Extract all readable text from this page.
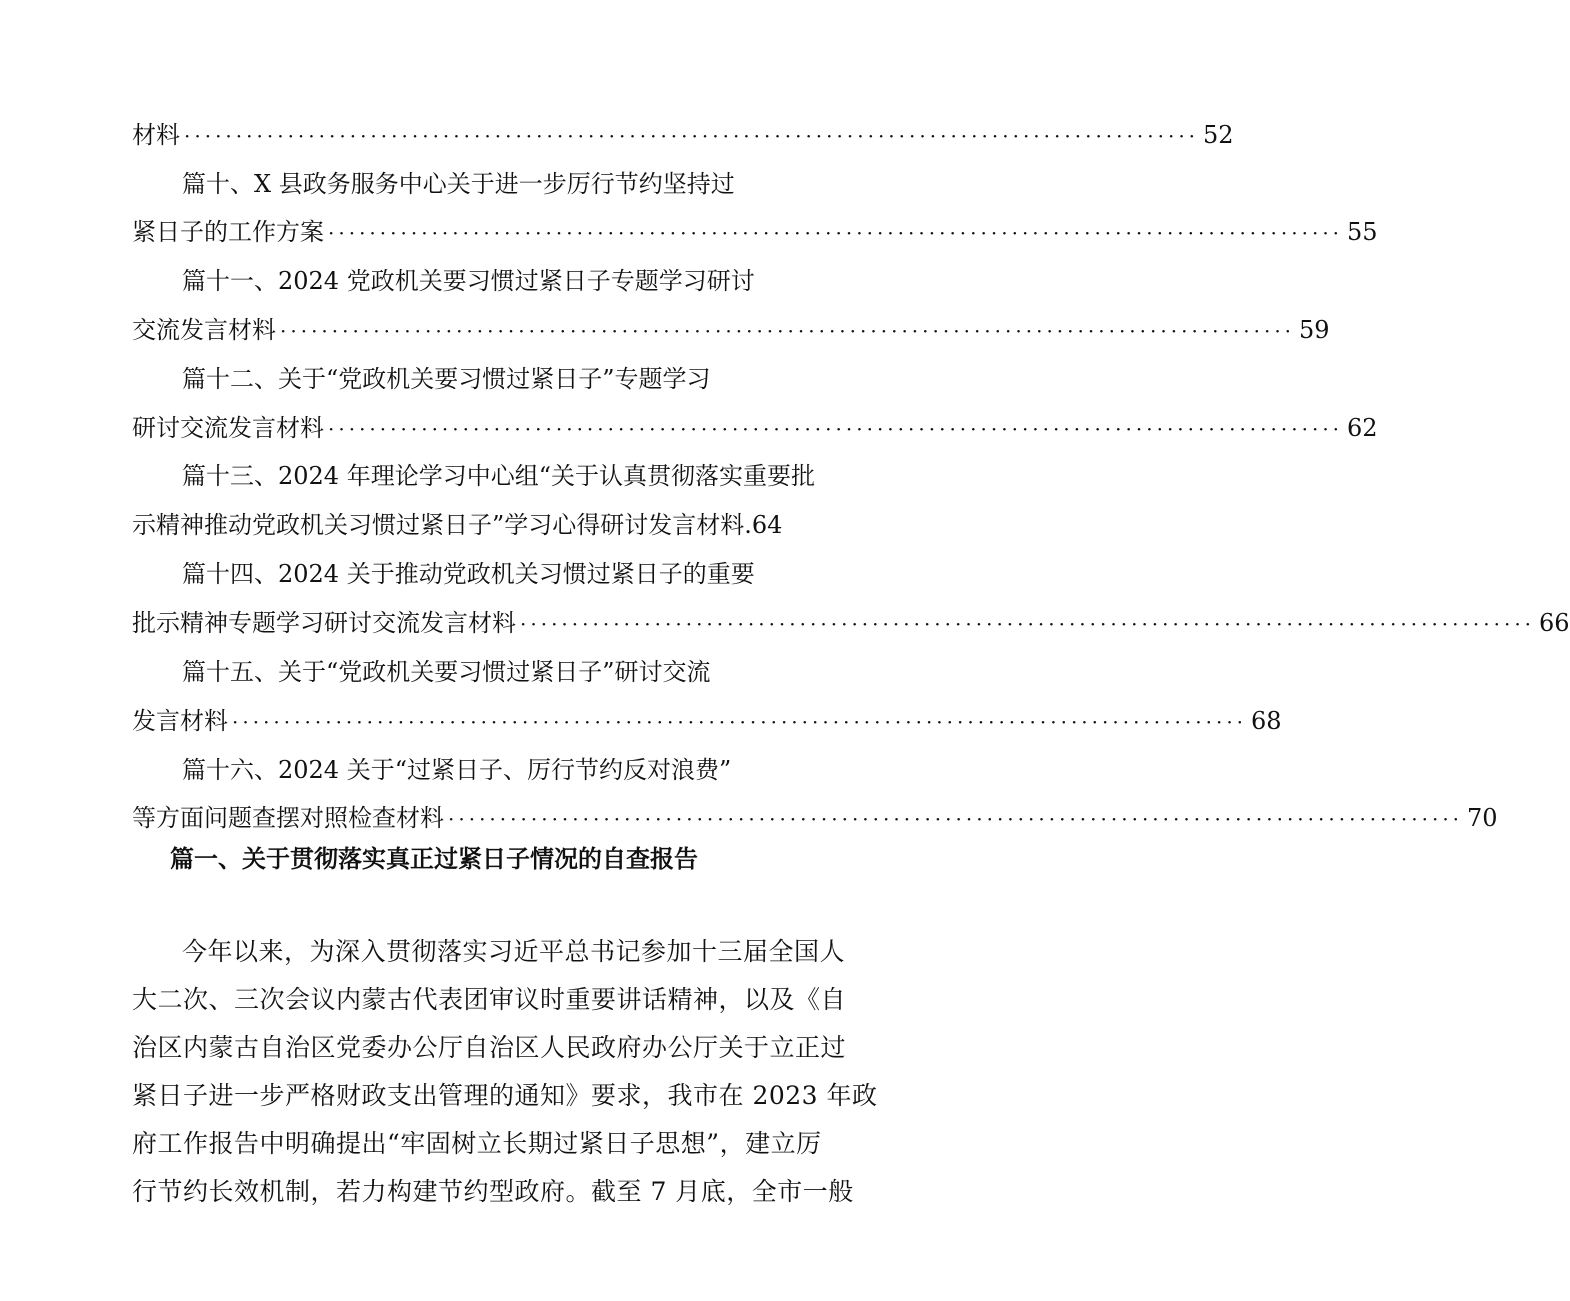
材料 ·································································································· 52
篇十、X 县政务服务中心关于进一步厉行节约坚持过
紧日子的工作方案 ·································································································· 55
篇十一、2024 党政机关要习惯过紧日子专题学习研讨
交流发言材料 ·································································································· 59
篇十二、关于“党政机关要习惯过紧日子”专题学习
研讨交流发言材料 ·································································································· 62
篇十三、2024 年理论学习中心组“关于认真贯彻落实重要批
示精神推动党政机关习惯过紧日子”学习心得研讨发言材料. 64
篇十四、2024 关于推动党政机关习惯过紧日子的重要
批示精神专题学习研讨交流发言材料 ·································································································· 66
篇十五、关于“党政机关要习惯过紧日子”研讨交流
发言材料 ·································································································· 68
篇十六、2024 关于“过紧日子、厉行节约反对浪费”
等方面问题查摆对照检查材料 ·································································································· 70
篇一、关于贯彻落实真正过紧日子情况的自查报告
今年以来，为深入贯彻落实习近平总书记参加十三届全国人
大二次、三次会议内蒙古代表团审议时重要讲话精神，以及《自
治区内蒙古自治区党委办公厅自治区人民政府办公厅关于立正过
紧日子进一步严格财政支出管理的通知》要求，我市在 2023 年政
府工作报告中明确提出“牢固树立长期过紧日子思想”，建立厉
行节约长效机制，若力构建节约型政府。截至 7 月底，全市一般
